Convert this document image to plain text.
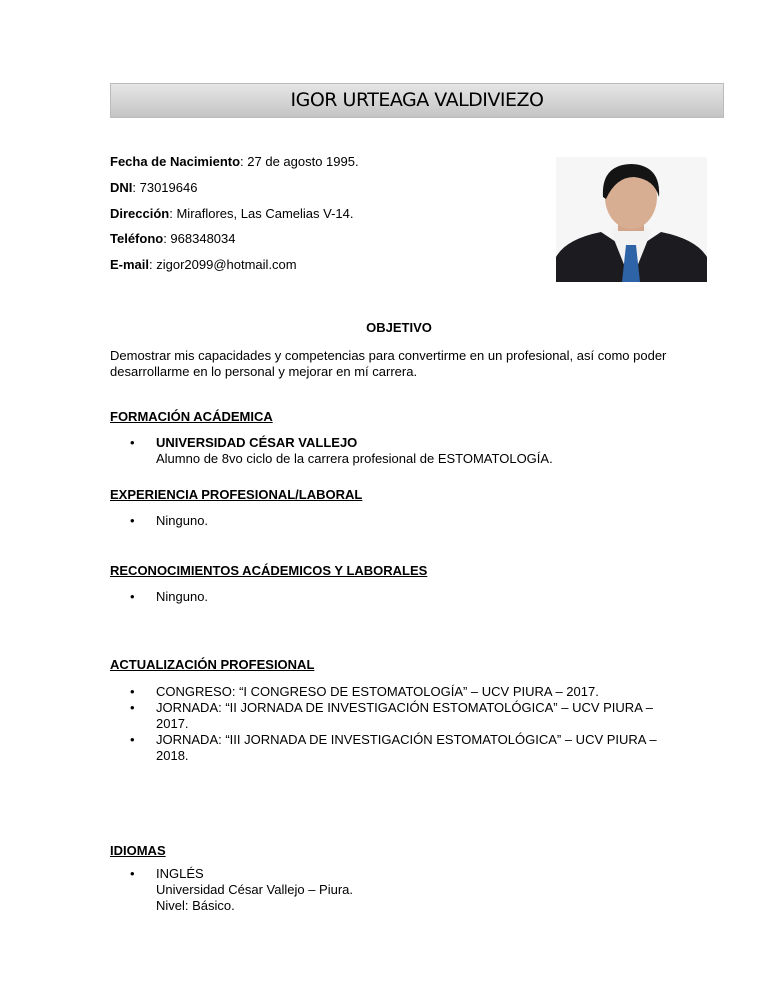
IGOR URTEAGA VALDIVIEZO
Fecha de Nacimiento: 27 de agosto 1995.
DNI: 73019646
Dirección: Miraflores, Las Camelias V-14.
Teléfono: 968348034
E-mail: zigor2099@hotmail.com
OBJETIVO
Demostrar mis capacidades y competencias para convertirme en un profesional, así como poder
desarrollarme en lo personal y mejorar en mí carrera.
FORMACIÓN ACÁDEMICA
• UNIVERSIDAD CÉSAR VALLEJO
Alumno de 8vo ciclo de la carrera profesional de ESTOMATOLOGÍA.
EXPERIENCIA PROFESIONAL/LABORAL
• Ninguno.
RECONOCIMIENTOS ACÁDEMICOS Y LABORALES
• Ninguno.
ACTUALIZACIÓN PROFESIONAL
• CONGRESO: “I CONGRESO DE ESTOMATOLOGÍA” – UCV PIURA – 2017.
• JORNADA: “II JORNADA DE INVESTIGACIÓN ESTOMATOLÓGICA” – UCV PIURA –
2017.
• JORNADA: “III JORNADA DE INVESTIGACIÓN ESTOMATOLÓGICA” – UCV PIURA –
2018.
IDIOMAS
• INGLÉS
Universidad César Vallejo – Piura.
Nivel: Básico.
